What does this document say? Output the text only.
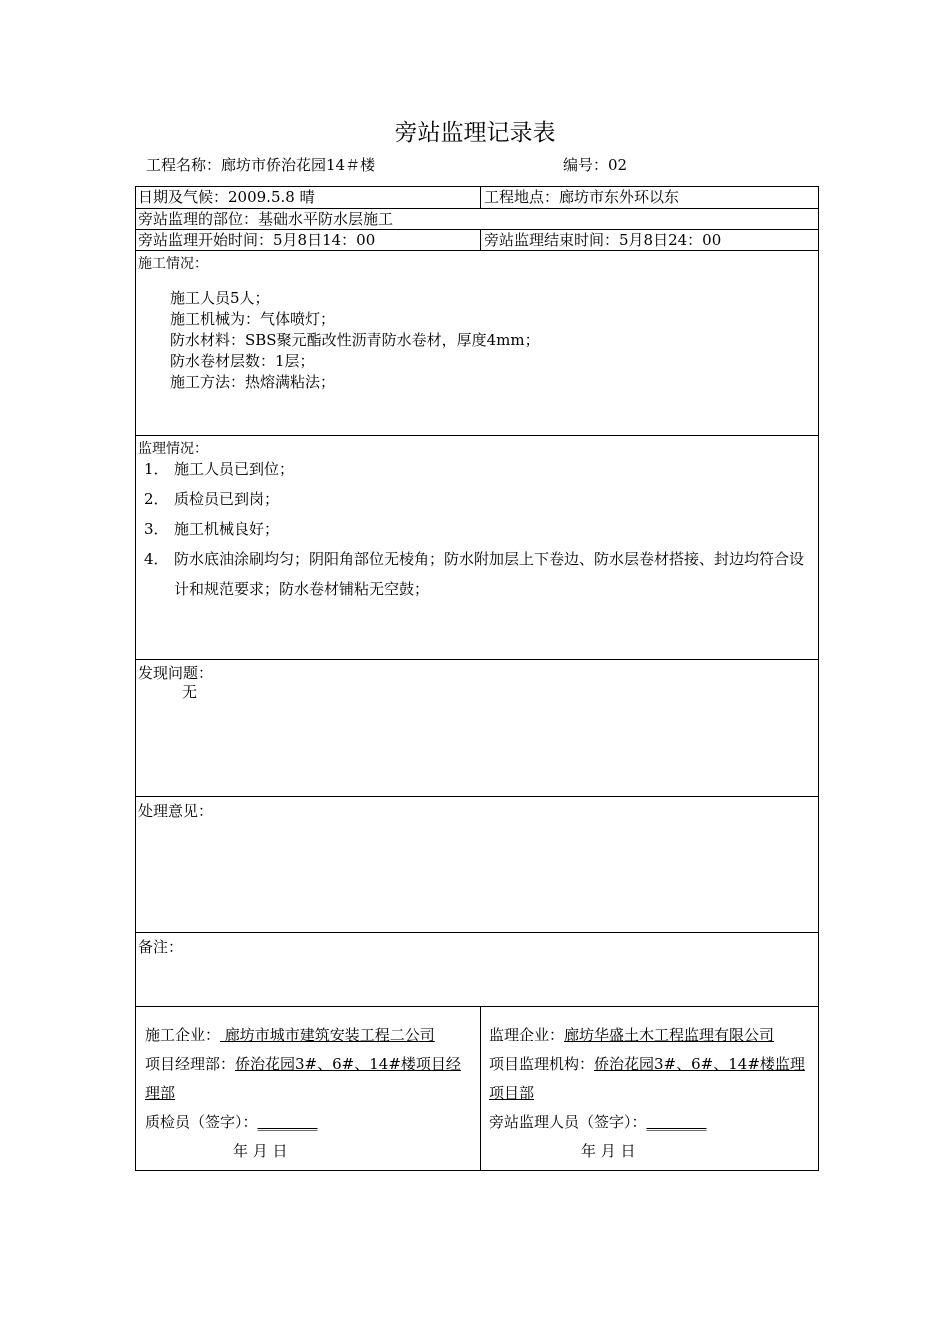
旁站监理记录表
工程名称：廊坊市侨治花园14＃楼	编号：02
日期及气候：2009.5.8 晴	工程地点：廊坊市东外环以东
旁站监理的部位：基础水平防水层施工
旁站监理开始时间：5月8日14：00	旁站监理结束时间：5月8日24：00
施工情况：
施工人员5人；
施工机械为：气体喷灯；
防水材料：SBS聚元酯改性沥青防水卷材，厚度4mm；
防水卷材层数：1层；
施工方法：热熔满粘法；
监理情况：
1． 施工人员已到位；
2． 质检员已到岗；
3． 施工机械良好；
4． 防水底油涂刷均匀；阴阳角部位无棱角；防水附加层上下卷边、防水层卷材搭接、封边均符合设计和规范要求；防水卷材铺粘无空鼓；
发现问题：
无
处理意见：
备注：
施工企业： 廊坊市城市建筑安装工程二公司
项目经理部：侨治花园3#、6#、14#楼项目经理部
质检员（签字）：________
年 月 日
监理企业：廊坊华盛土木工程监理有限公司
项目监理机构：侨治花园3#、6#、14#楼监理项目部
旁站监理人员（签字）：________
年 月 日
